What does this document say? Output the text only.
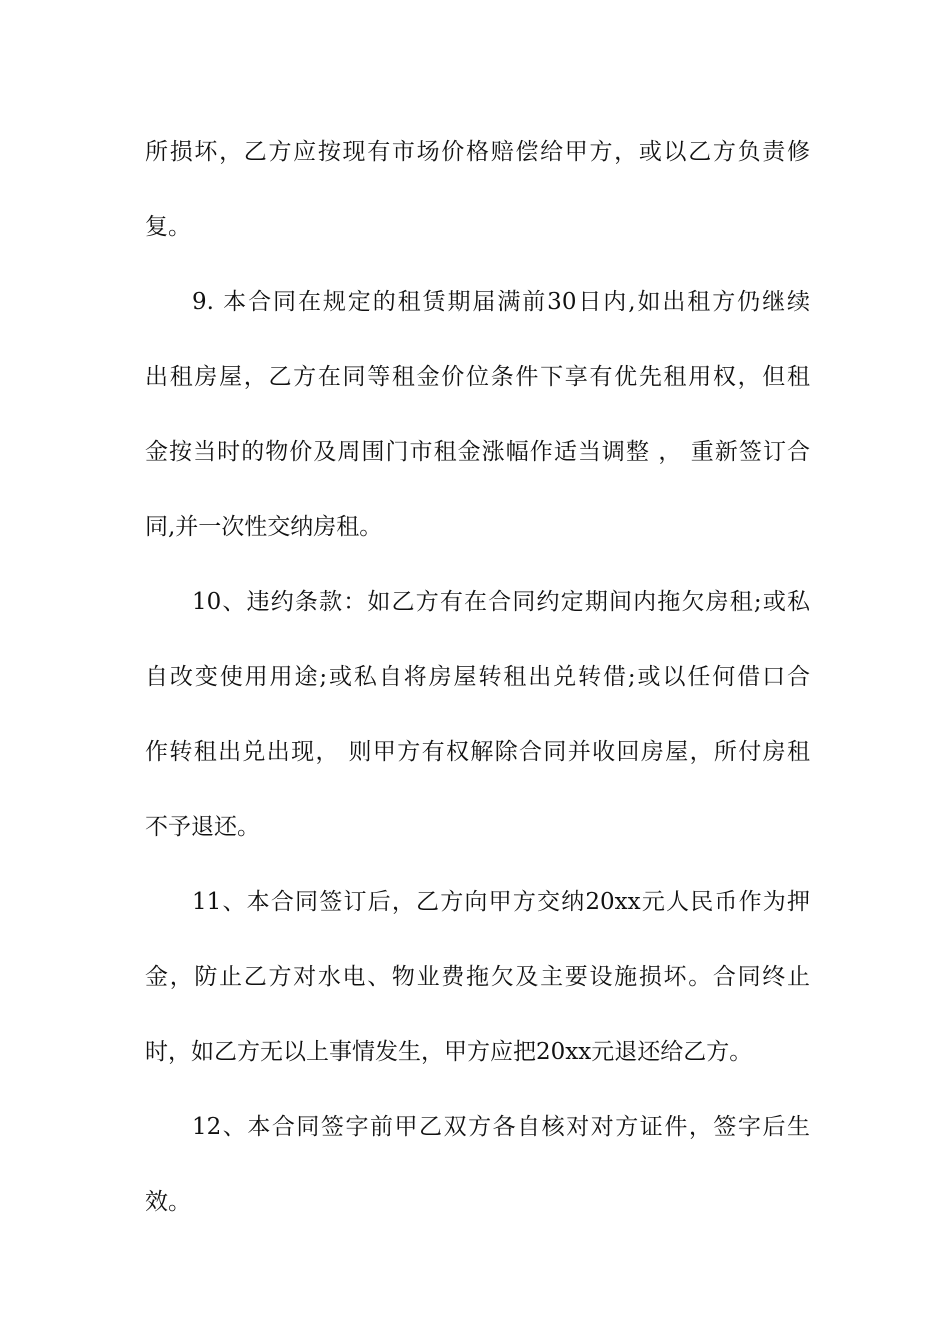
所损坏，乙方应按现有市场价格赔偿给甲方，或以乙方负责修
复。
9. 本合同在规定的租赁期届满前30日内,如出租方仍继续
出租房屋，乙方在同等租金价位条件下享有优先租用权，但租
金按当时的物价及周围门市租金涨幅作适当调整 ， 重新签订合
同,并一次性交纳房租。
10、违约条款：如乙方有在合同约定期间内拖欠房租;或私
自改变使用用途;或私自将房屋转租出兑转借;或以任何借口合
作转租出兑出现， 则甲方有权解除合同并收回房屋，所付房租
不予退还。
11、本合同签订后，乙方向甲方交纳20xx元人民币作为押
金，防止乙方对水电、物业费拖欠及主要设施损坏。合同终止
时，如乙方无以上事情发生，甲方应把20xx元退还给乙方。
12、本合同签字前甲乙双方各自核对对方证件，签字后生
效。
